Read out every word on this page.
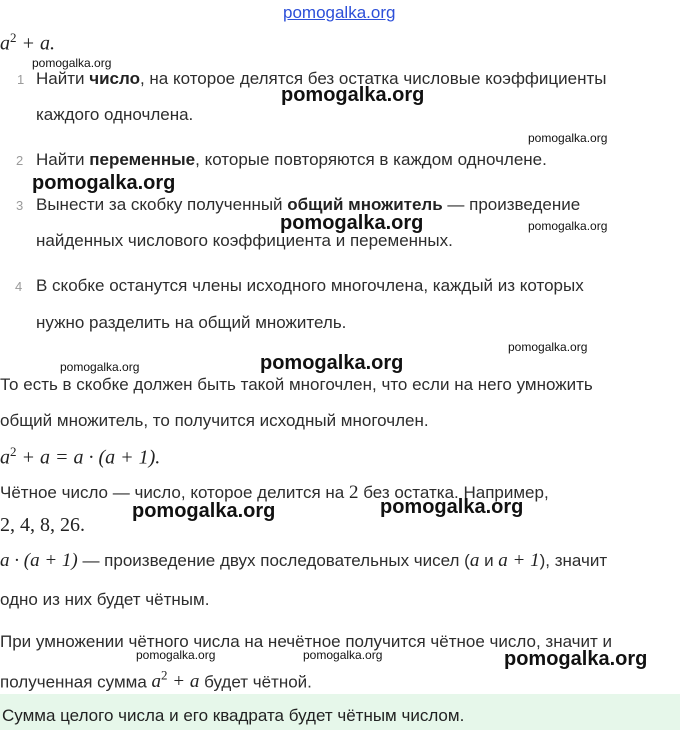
pomogalka.org
$a^2 + a$.
pomogalka.org
1 Найти число, на которое делятся без остатка числовые коэффициенты
pomogalka.org
каждого одночлена.
pomogalka.org
2 Найти переменные, которые повторяются в каждом одночлене.
pomogalka.org
3 Вынести за скобку полученный общий множитель — произведение
pomogalka.org	pomogalka.org
найденных числового коэффициента и переменных.
4 В скобке останутся члены исходного многочлена, каждый из которых
нужно разделить на общий множитель.
pomogalka.org
pomogalka.org
pomogalka.org
То есть в скобке должен быть такой многочлен, что если на него умножить
общий множитель, то получится исходный многочлен.
$a^2 + a = a \cdot (a + 1)$.
Чётное число — число, которое делится на 2 без остатка. Например,
pomogalka.org
pomogalka.org
2, 4, 8, 26.
a · (a + 1) — произведение двух последовательных чисел (a и a + 1), значит
одно из них будет чётным.
При умножении чётного числа на нечётное получится чётное число, значит и
pomogalka.org	pomogalka.org	pomogalka.org
полученная сумма $a^2 + a$ будет чётной.
Сумма целого числа и его квадрата будет чётным числом.
